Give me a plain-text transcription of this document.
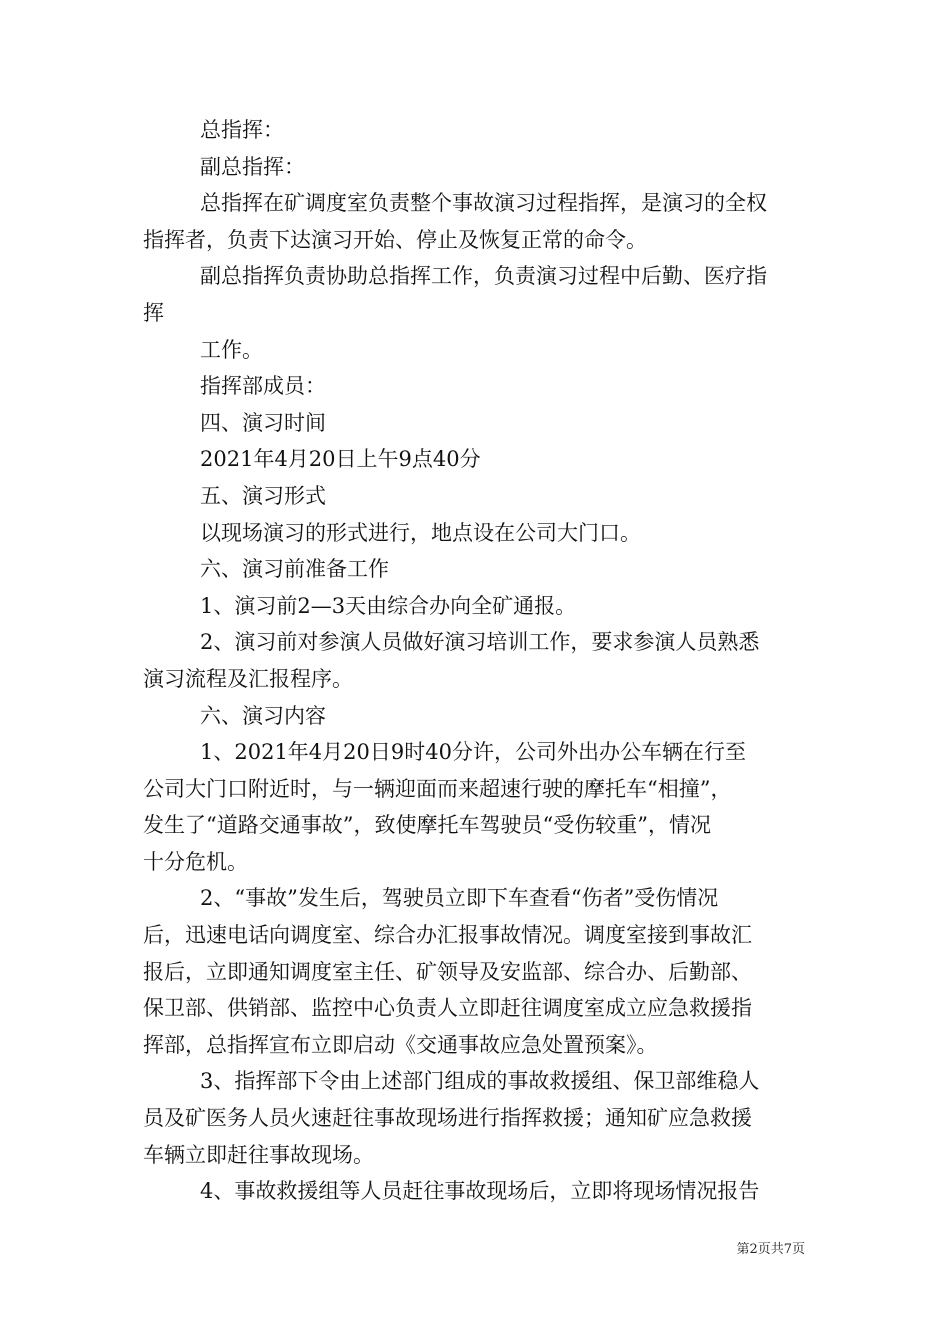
总指挥：
副总指挥：
总指挥在矿调度室负责整个事故演习过程指挥，是演习的全权
指挥者，负责下达演习开始、停止及恢复正常的命令。
副总指挥负责协助总指挥工作，负责演习过程中后勤、医疗指
挥
工作。
指挥部成员：
四、演习时间
2021年4月20日上午9点40分
五、演习形式
以现场演习的形式进行，地点设在公司大门口。
六、演习前准备工作
1、演习前2—3天由综合办向全矿通报。
2、演习前对参演人员做好演习培训工作，要求参演人员熟悉
演习流程及汇报程序。
六、演习内容
1、2021年4月20日9时40分许，公司外出办公车辆在行至
公司大门口附近时，与一辆迎面而来超速行驶的摩托车“相撞”，
发生了“道路交通事故”，致使摩托车驾驶员“受伤较重”，情况
十分危机。
2、“事故”发生后，驾驶员立即下车查看“伤者”受伤情况
后，迅速电话向调度室、综合办汇报事故情况。调度室接到事故汇
报后，立即通知调度室主任、矿领导及安监部、综合办、后勤部、
保卫部、供销部、监控中心负责人立即赶往调度室成立应急救援指
挥部，总指挥宣布立即启动《交通事故应急处置预案》。
3、指挥部下令由上述部门组成的事故救援组、保卫部维稳人
员及矿医务人员火速赶往事故现场进行指挥救援；通知矿应急救援
车辆立即赶往事故现场。
4、事故救援组等人员赶往事故现场后，立即将现场情况报告
第2页共7页
